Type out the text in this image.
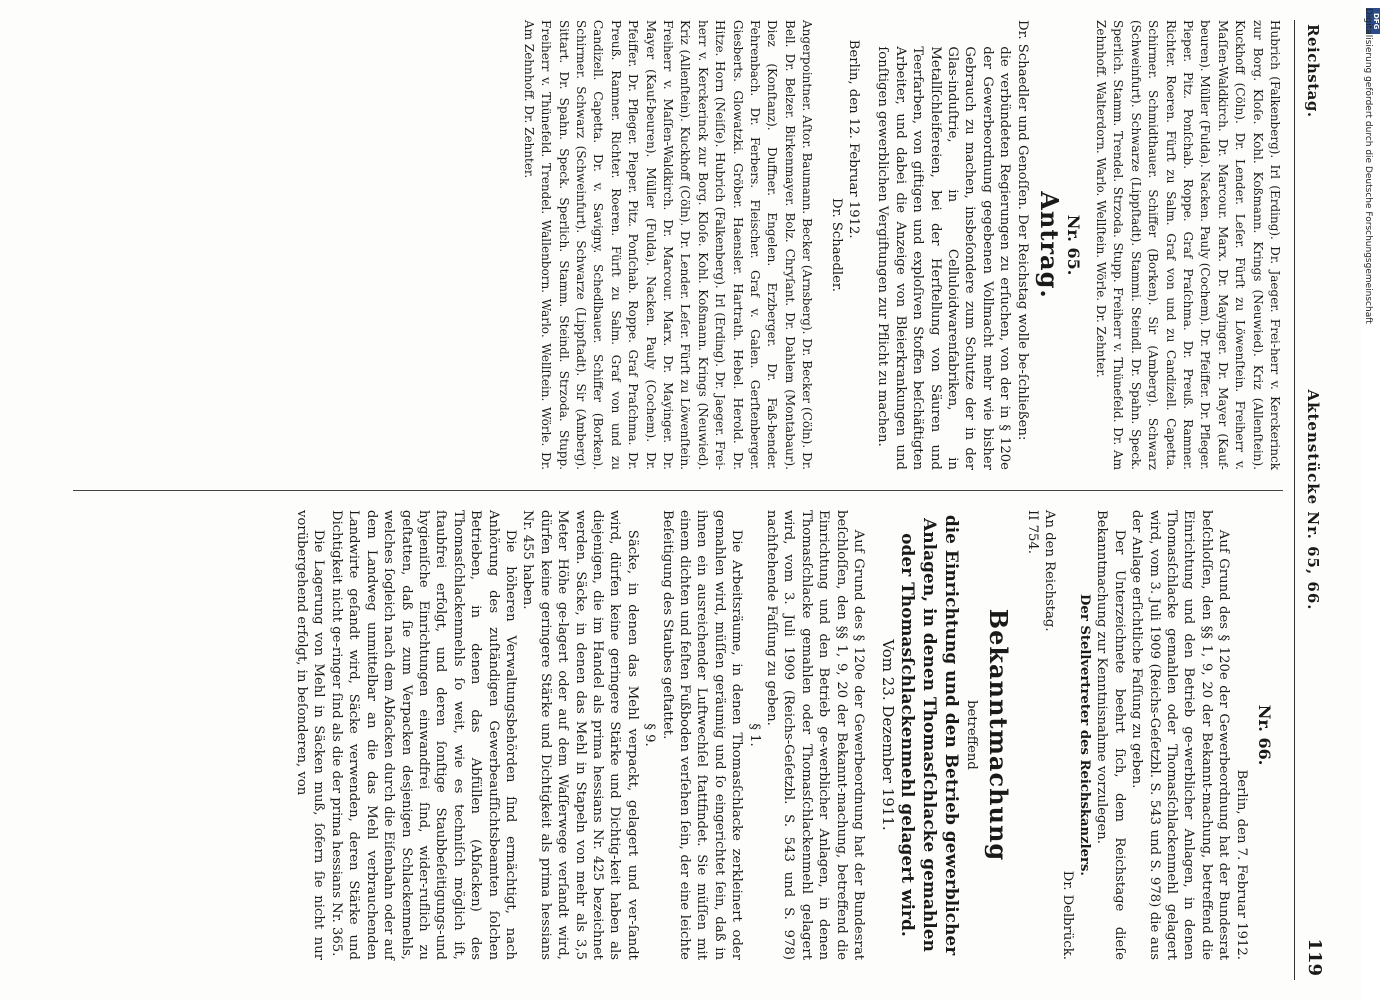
Reichstag.
Aktenstücke Nr. 65, 66.
119

Hubrich (Falkenberg). Irl (Erding). Dr. Jaeger. Frei-herr v. Kerckerinck zur Borg. Kloſe. Kohl. Koßmann. Krings (Neuwied). Kriz (Allenſtein). Kuckhoff (Cöln). Dr. Lender. Leſer. Fürſt zu Löwenſtein. Freiherr v. Maſſen-Waldkirch. Dr. Marcour. Marx. Dr. Mayinger. Dr. Mayer (Kauf-beuren). Müller (Fulda). Nacken. Pauly (Cochem). Dr. Pfeiffer. Dr. Pfleger. Pieper. Pitz. Ponſchab. Roppe. Graf Praſchma. Dr. Preuß. Ramner. Richter. Roeren. Fürſt zu Salm. Graf von und zu Candizell. Capetta. Schirmer. Schmidthauer. Schiffer (Borken). Sir (Amberg). Schwarz (Schweinfurt). Schwarze (Lippſtadt). Stammi. Steindl. Dr. Spahn. Speck. Sperlich. Stamm. Trendel. Strzoda. Stupp. Freiherr v. Thünefeld. Dr. Am Zehnhoff. Walterdorn. Warlo. Wellſtein. Wörle. Dr. Zehnter.

Nr. 65.
Antrag.

Dr. Schaedler und Genoſſen. Der Reichstag wolle be-ſchließen:

die verbündeten Regierungen zu erſuchen, von der in § 120e der Gewerbeordnung gegebenen Vollmacht mehr wie bisher Gebrauch zu machen, insbeſondere zum Schutze der in der Glas-induſtrie, in Celluloidwarenfabriken, in Metallſchleifereien, bei der Herſtellung von Säuren und Teerfarben, von giftigen und exploſiven Stoffen beſchäftigten Arbeiter, und dabei die Anzeige von Bleierkrankungen und ſonſtigen gewerblichen Vergiftungen zur Pflicht zu machen.

Berlin, den 12. Februar 1912.

Dr. Schaedler.

Angerpointner. Aſtor. Baumann. Becker (Arnsberg). Dr. Becker (Cöln). Dr. Bell. Dr. Belzer. Birkenmayer. Bolz. Chryſant. Dr. Dahlem (Montabaur). Diez (Konſtanz). Duffner. Engelen. Erzberger. Dr. Faß-bender. Fehrenbach. Dr. Ferbers. Fleischer. Graf v. Galen. Gerſtenberger. Giesberts. Glowatzki. Gröber. Haensler. Hartrath. Hebel. Herold. Dr. Hitze. Horn (Neiſſe). Hubrich (Falkenberg). Irl (Erding). Dr. Jaeger. Frei-herr v. Kerckerinck zur Borg. Kloſe. Kohl. Koßmann. Krings (Neuwied). Kriz (Allenſtein). Kuckhoff (Cöln). Dr. Lender. Leſer. Fürſt zu Löwenſtein. Freiherr v. Maſſen-Waldkirch. Dr. Marcour. Marx. Dr. Mayinger. Dr. Mayer (Kauf-beuren). Müller (Fulda). Nacken. Pauly (Cochem). Dr. Pfeiffer. Dr. Pfleger. Pieper. Pitz. Ponſchab. Roppe. Graf Praſchma. Dr. Preuß. Ramner. Richter. Roeren. Fürſt zu Salm. Graf von und zu Candizell. Capetta. Dr. v. Savigny. Schedlbauer. Schiffer (Borken). Schirmer. Schwarz (Schweinfurt). Schwarze (Lippſtadt). Sir (Amberg). Sittart. Dr. Spahn. Speck. Sperlich. Stamm. Steindl. Strzoda. Stupp. Freiherr v. Thünefeld. Trendel. Wallenborn. Warlo. Wellſtein. Wörle. Dr. Am Zehnhoff. Dr. Zehnter.

Nr. 66.

Berlin, den 7. Februar 1912.

Auf Grund des § 120e der Gewerbeordnung hat der Bundesrat beſchloſſen, den §§ 1, 9, 20 der Bekannt-machung, betreffend die Einrichtung und den Betrieb ge-werblicher Anlagen, in denen Thomasſchlacke gemahlen oder Thomasſchlackenmehl gelagert wird, vom 3. Juli 1909 (Reichs-Geſetzbl. S. 543 und S. 978) die aus der Anlage erſichtliche Faſſung zu geben.

Der Unterzeichnete beehrt ſich, dem Reichstage dieſe Bekanntmachung zur Kenntnisnahme vorzulegen.

Der Stellvertreter des Reichskanzlers.

Dr. Delbrück.

An den Reichstag.

II 754.

Bekanntmachung

betreffend

die Einrichtung und den Betrieb gewerblicher Anlagen, in denen Thomasſchlacke gemahlen oder Thomasſchlackenmehl gelagert wird.

Vom 23. Dezember 1911.

Auf Grund des § 120e der Gewerbeordnung hat der Bundesrat beſchloſſen, den §§ 1, 9, 20 der Bekannt-machung, betreffend die Einrichtung und den Betrieb ge-werblicher Anlagen, in denen Thomasſchlacke gemahlen oder Thomasſchlackenmehl gelagert wird, vom 3. Juli 1909 (Reichs-Geſetzbl. S. 543 und S. 978) nachſtehende Faſſung zu geben.

§ 1.

Die Arbeitsräume, in denen Thomasſchlacke zerkleinert oder gemahlen wird, müſſen geräumig und ſo eingerichtet ſein, daß in ihnen ein ausreichender Luftwechſel ſtattfindet. Sie müſſen mit einem dichten und feſten Fußboden verſehen ſein, der eine leichte Beſeitigung des Staubes geſtattet.

§ 9.

Säcke, in denen das Mehl verpackt, gelagert und ver-ſandt wird, dürfen keine geringere Stärke und Dichtig-keit haben als diejenigen, die im Handel als prima hessians Nr. 425 bezeichnet werden. Säcke, in denen das Mehl in Stapeln von mehr als 3,5 Meter Höhe ge-lagert oder auf dem Waſſerwege verſandt wird, dürfen keine geringere Stärke und Dichtigkeit als prima hessians Nr. 455 haben.

Die höheren Verwaltungsbehörden ſind ermächtigt, nach Anhörung des zuſtändigen Gewerbeaufſichtsbeamten ſolchen Betrieben, in denen das Abfüllen (Abſacken) des Thomasſchlackenmehls ſo weit, wie es techniſch möglich iſt, ſtaubfrei erfolgt, und deren ſonſtige Staubbeſeitigungs-und hygieniſche Einrichtungen einwandfrei ſind, wider-ruflich zu geſtatten, daß ſie zum Verpacken desjenigen Schlackenmehls, welches ſogleich nach dem Abſacken durch die Eiſenbahn oder auf dem Landweg unmittelbar an die das Mehl verbrauchenden Landwirte geſandt wird, Säcke verwenden, deren Stärke und Dichtigkeit nicht ge-ringer ſind als die der prima hessians Nr. 365.

Die Lagerung von Mehl in Säcken muß, ſofern ſie nicht nur vorübergehend erfolgt, in beſonderen, von

DFG
Digitalisierung gefördert durch die Deutsche Forschungsgemeinschaft
